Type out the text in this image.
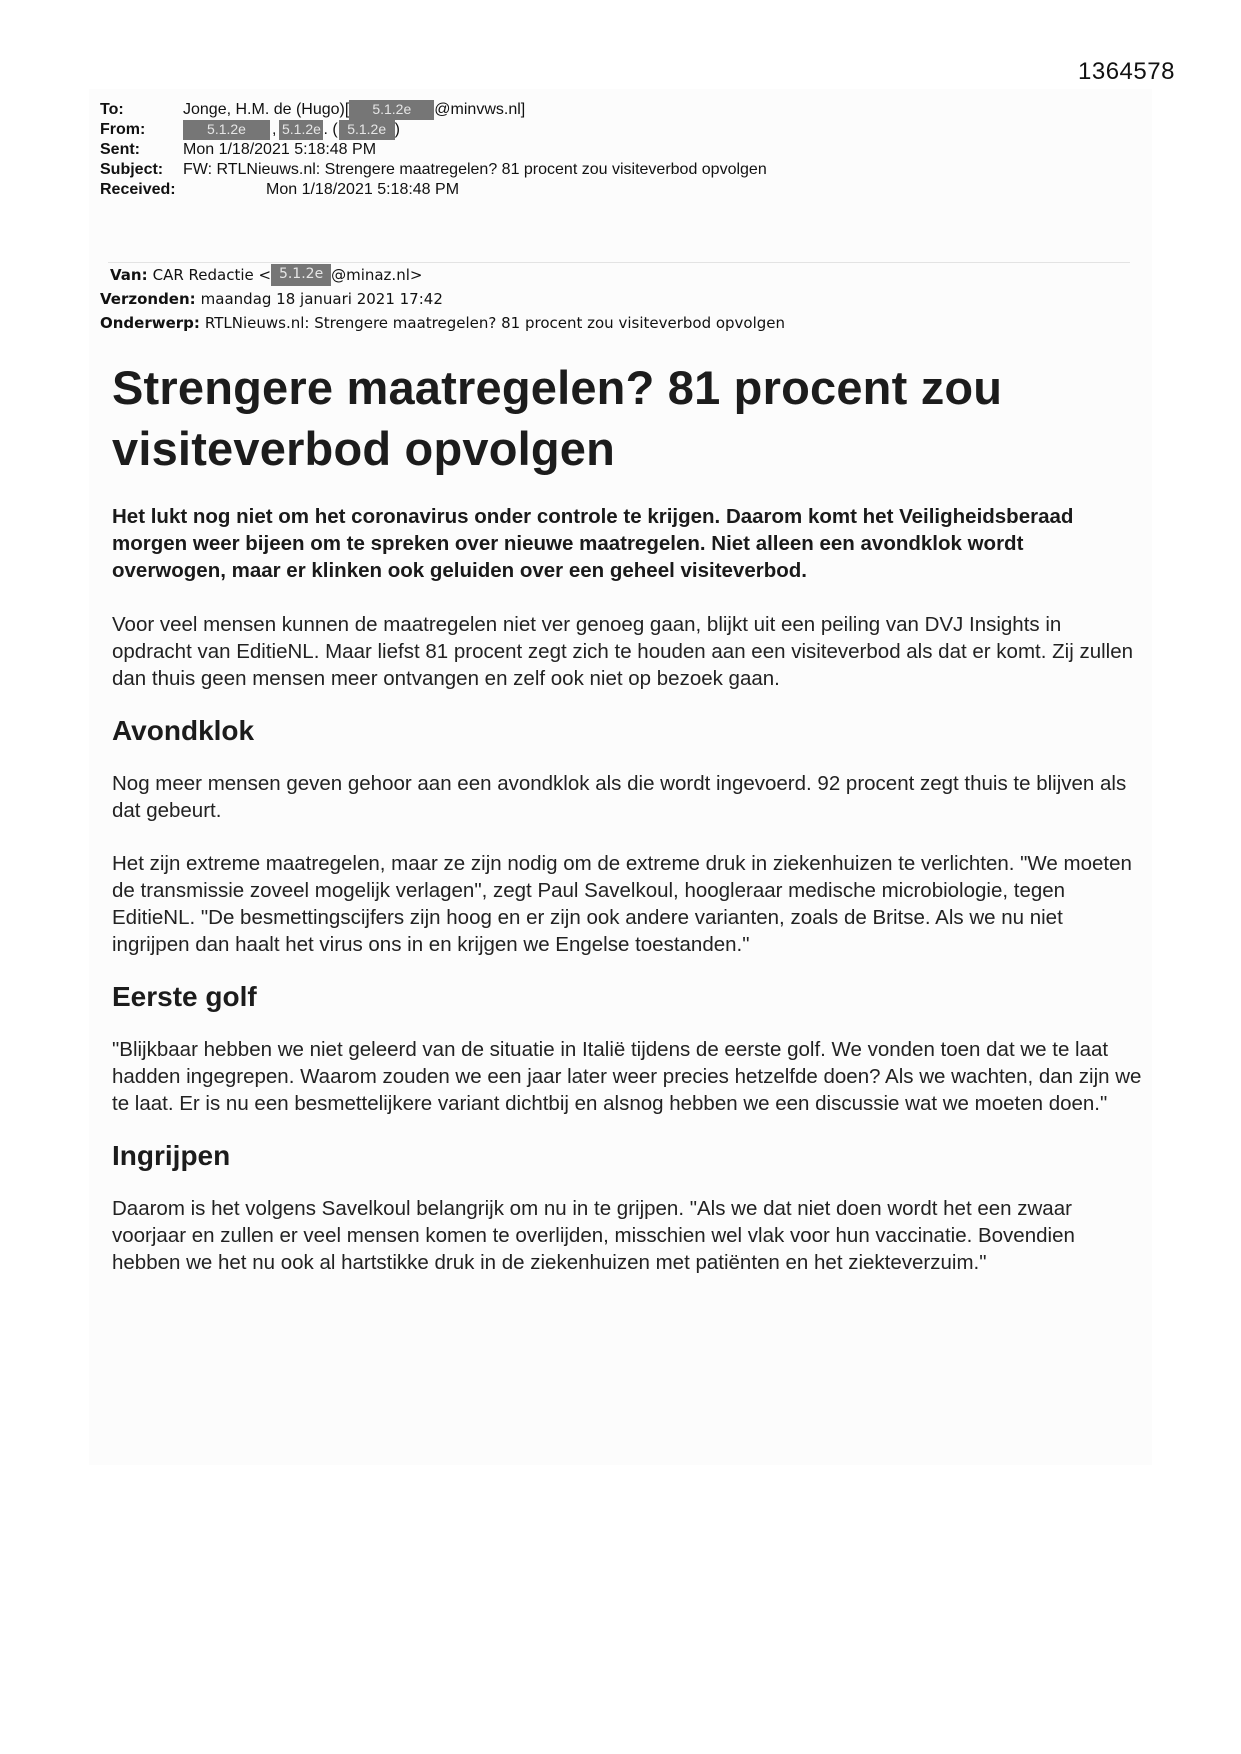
1364578
To:	Jonge, H.M. de (Hugo)[	5.1.2e	@minvws.nl]
From:	5.1.2e	, 5.1.2e . ( 5.1.2e )
Sent:	Mon 1/18/2021 5:18:48 PM
Subject:	FW: RTLNieuws.nl: Strengere maatregelen? 81 procent zou visiteverbod opvolgen
Received:	Mon 1/18/2021 5:18:48 PM
Van: CAR Redactie < 5.1.2e @minaz.nl>
Verzonden: maandag 18 januari 2021 17:42
Onderwerp: RTLNieuws.nl: Strengere maatregelen? 81 procent zou visiteverbod opvolgen
Strengere maatregelen? 81 procent zou visiteverbod opvolgen

Het lukt nog niet om het coronavirus onder controle te krijgen. Daarom komt het Veiligheidsberaad morgen weer bijeen om te spreken over nieuwe maatregelen. Niet alleen een avondklok wordt overwogen, maar er klinken ook geluiden over een geheel visiteverbod.

Voor veel mensen kunnen de maatregelen niet ver genoeg gaan, blijkt uit een peiling van DVJ Insights in opdracht van EditieNL. Maar liefst 81 procent zegt zich te houden aan een visiteverbod als dat er komt. Zij zullen dan thuis geen mensen meer ontvangen en zelf ook niet op bezoek gaan.

Avondklok

Nog meer mensen geven gehoor aan een avondklok als die wordt ingevoerd. 92 procent zegt thuis te blijven als dat gebeurt.

Het zijn extreme maatregelen, maar ze zijn nodig om de extreme druk in ziekenhuizen te verlichten. "We moeten de transmissie zoveel mogelijk verlagen", zegt Paul Savelkoul, hoogleraar medische microbiologie, tegen EditieNL. "De besmettingscijfers zijn hoog en er zijn ook andere varianten, zoals de Britse. Als we nu niet ingrijpen dan haalt het virus ons in en krijgen we Engelse toestanden."

Eerste golf

"Blijkbaar hebben we niet geleerd van de situatie in Italië tijdens de eerste golf. We vonden toen dat we te laat hadden ingegrepen. Waarom zouden we een jaar later weer precies hetzelfde doen? Als we wachten, dan zijn we te laat. Er is nu een besmettelijkere variant dichtbij en alsnog hebben we een discussie wat we moeten doen."

Ingrijpen

Daarom is het volgens Savelkoul belangrijk om nu in te grijpen. "Als we dat niet doen wordt het een zwaar voorjaar en zullen er veel mensen komen te overlijden, misschien wel vlak voor hun vaccinatie. Bovendien hebben we het nu ook al hartstikke druk in de ziekenhuizen met patiënten en het ziekteverzuim."
